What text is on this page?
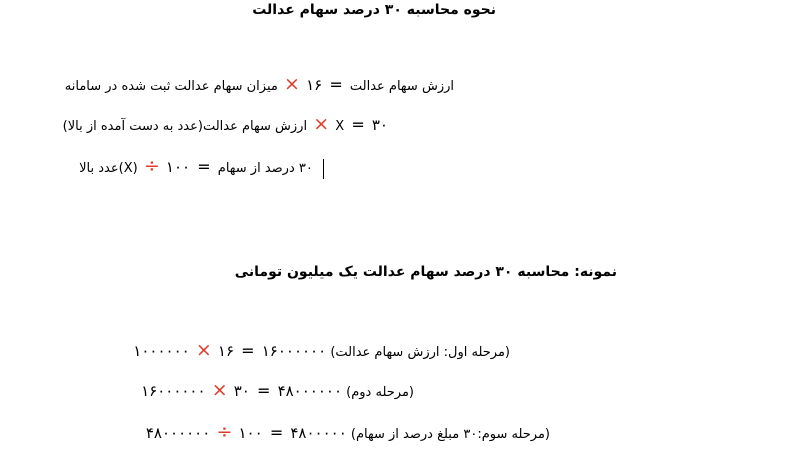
نحوه محاسبه ۳۰ درصد سهام عدالت
ارزش سهام عدالت = ۱۶ × میزان سهام عدالت ثبت شده در سامانه
X = ۳۰ × ارزش سهام عدالت(عدد به دست آمده از بالا)
۳۰ درصد از سهام = ۱۰۰ ÷ (X)عدد بالا
نمونه: محاسبه ۳۰ درصد سهام عدالت یک میلیون تومانی
(مرحله اول: ارزش سهام عدالت) ۱۶۰۰۰۰۰۰ = ۱۶ × ۱۰۰۰۰۰۰
(مرحله دوم) ۴۸۰۰۰۰۰۰ = ۳۰ × ۱۶۰۰۰۰۰۰
(مرحله سوم:۳۰ مبلغ درصد از سهام) ۴۸۰۰۰۰۰ = ۱۰۰ ÷ ۴۸۰۰۰۰۰۰
